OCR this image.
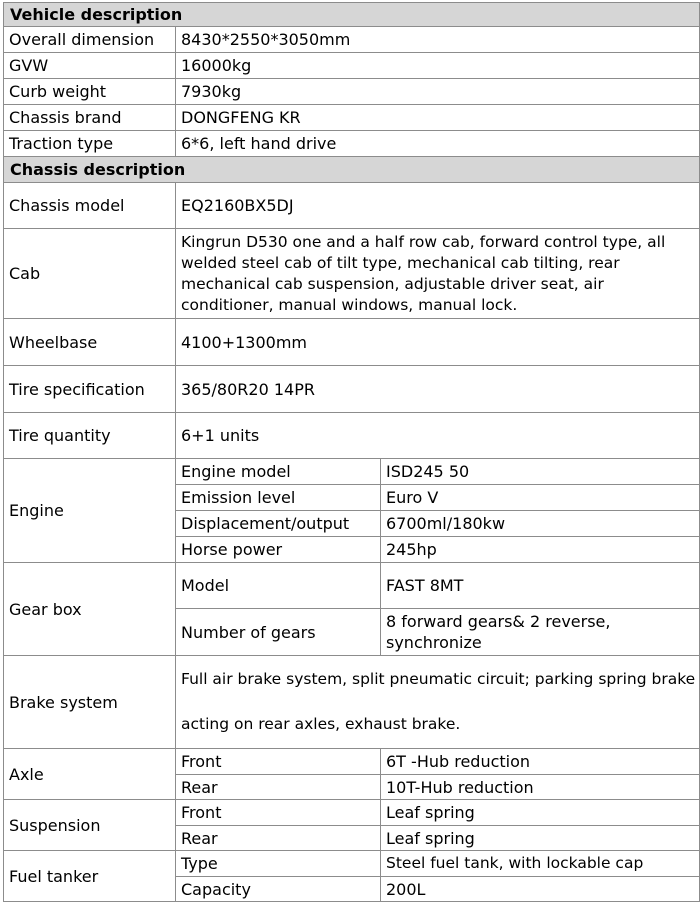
Vehicle description		
Overall dimension	8430*2550*3050mm	
GVW	16000kg	
Curb weight	7930kg	
Chassis brand	DONGFENG KR	
Traction type	6*6, left hand drive	
Chassis description		
Chassis model	EQ2160BX5DJ	
Cab	Kingrun D530 one and a half row cab, forward control type, all welded steel cab of tilt type, mechanical cab tilting, rear mechanical cab suspension, adjustable driver seat, air conditioner, manual windows, manual lock.	
Wheelbase	4100+1300mm	
Tire specification	365/80R20 14PR	
Tire quantity	6+1 units	
Engine	Engine model	ISD245 50
	Emission level	Euro V
	Displacement/output	6700ml/180kw
	Horse power	245hp
Gear box	Model	FAST 8MT
	Number of gears	8 forward gears& 2 reverse, synchronize
Brake system	Full air brake system, split pneumatic circuit; parking spring brake
acting on rear axles, exhaust brake.	

Axle	Front	6T -Hub reduction
	Rear	10T-Hub reduction
Suspension	Front	Leaf spring
	Rear	Leaf spring
Fuel tanker	Type	Steel fuel tank, with lockable cap
	Capacity	200L
